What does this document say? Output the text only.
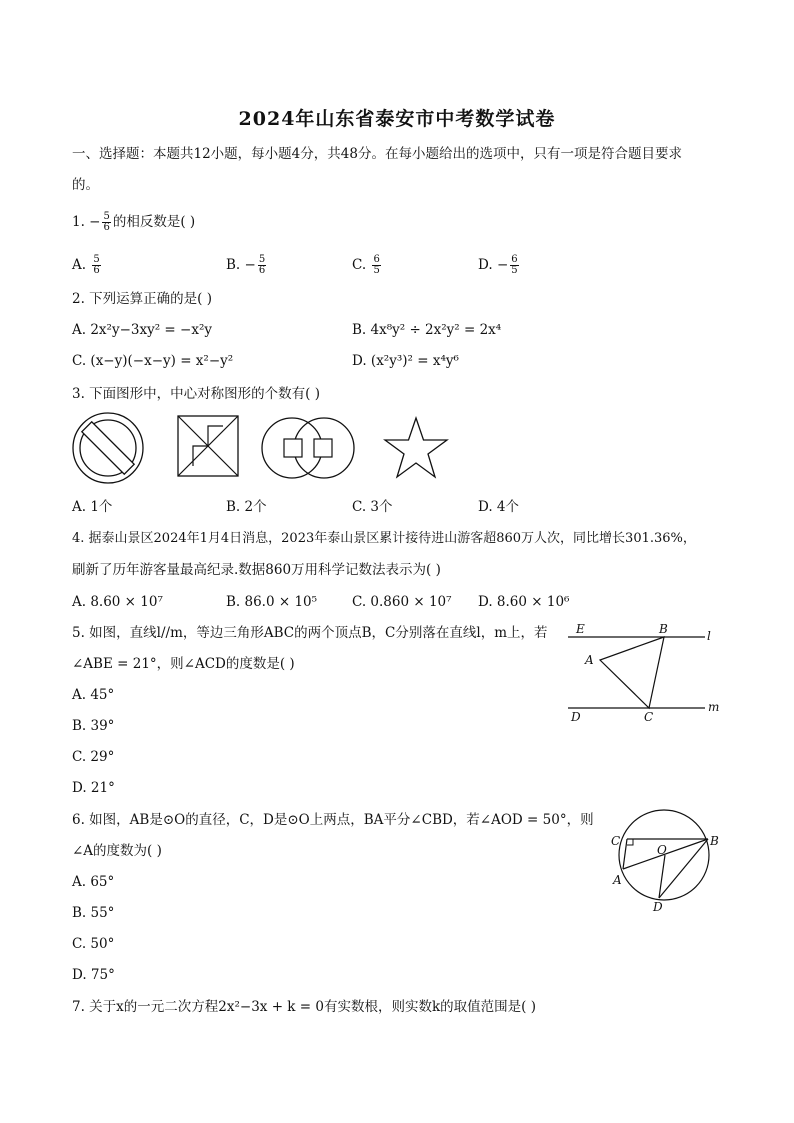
2024年山东省泰安市中考数学试卷
一、选择题：本题共12小题，每小题4分，共48分。在每小题给出的选项中，只有一项是符合题目要求
的。
1. − $\frac{5}{6}$ 的相反数是( )
A. $\frac{5}{6}$	B. − $\frac{5}{6}$	C. $\frac{6}{5}$	D. − $\frac{6}{5}$
2. 下列运算正确的是( )
A. 2x²y−3xy² = −x²y	B. 4x⁸y² ÷ 2x²y² = 2x⁴
C. (x−y)(−x−y) = x²−y²	D. (x²y³)² = x⁴y⁶
3. 下面图形中，中心对称图形的个数有( )
A. 1个	B. 2个	C. 3个	D. 4个
4. 据泰山景区2024年1月4日消息，2023年泰山景区累计接待进山游客超860万人次，同比增长301.36%，
刷新了历年游客量最高纪录.数据860万用科学记数法表示为( )
A. 8.60 × 10⁷	B. 86.0 × 10⁵	C. 0.860 × 10⁷ D. 8.60 × 10⁶
5. 如图，直线l//m，等边三角形ABC的两个顶点B，C分别落在直线l，m上，若
∠ABE = 21°，则∠ACD的度数是( )
A. 45°
B. 39°
C. 29°
D. 21°
E	B	l
A
D	C
m
6. 如图，AB是⊙O的直径，C，D是⊙O上两点，BA平分∠CBD，若∠AOD = 50°，则
∠A的度数为( )
A. 65°
B. 55°
C. 50°
D. 75°
C	B
O
A
D
7. 关于x的一元二次方程2x²−3x + k = 0有实数根，则实数k的取值范围是( )
